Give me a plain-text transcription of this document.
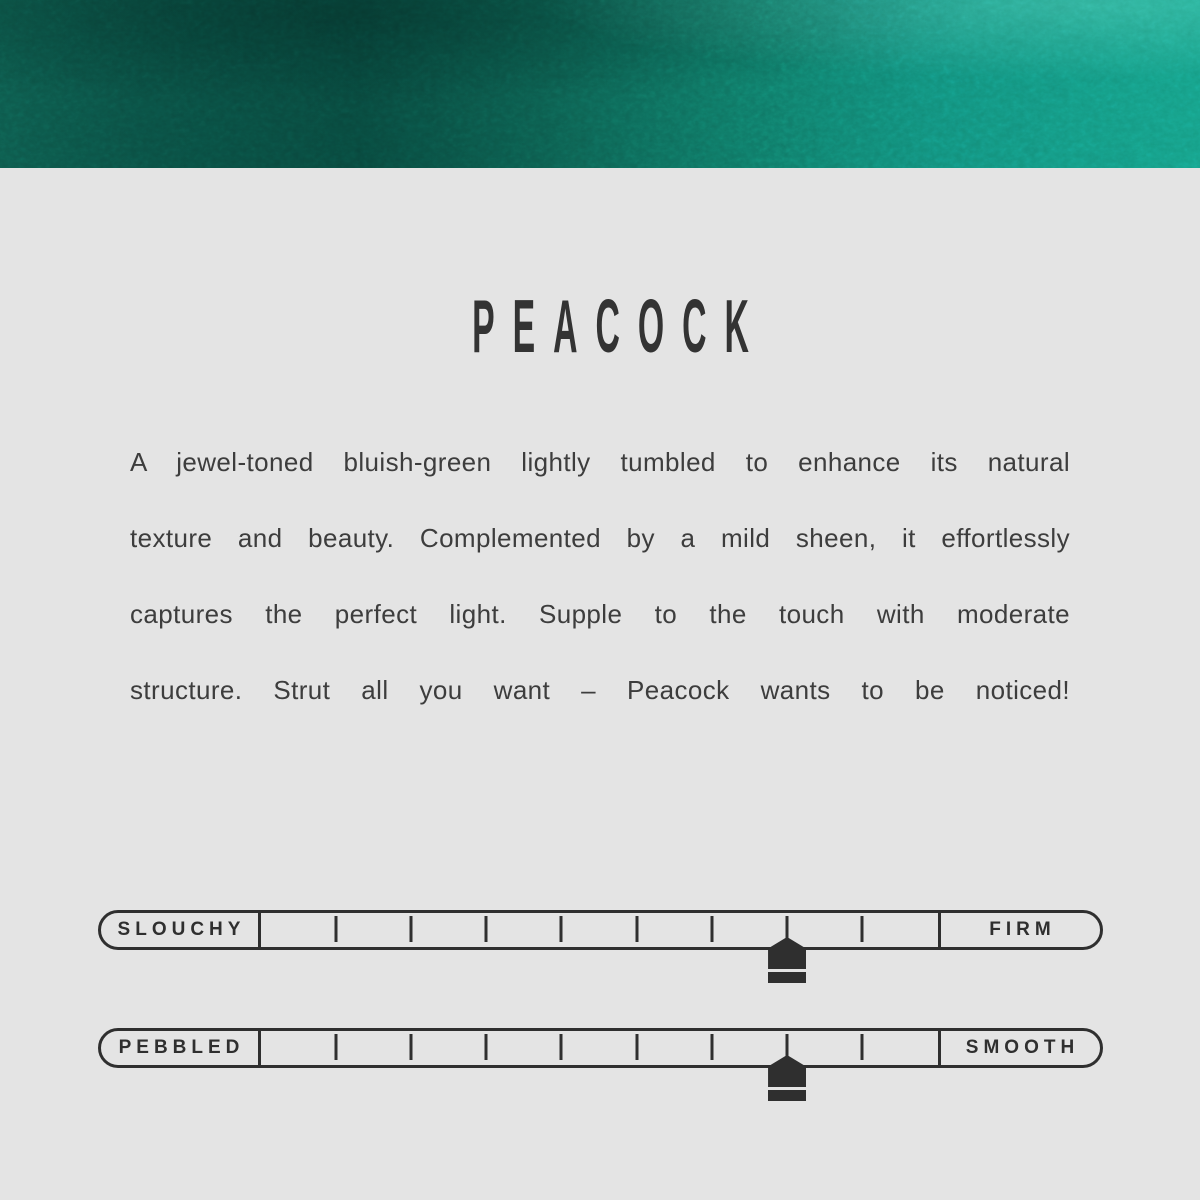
PEACOCK
A jewel-toned bluish-green lightly tumbled to enhance its natural
texture and beauty. Complemented by a mild sheen, it effortlessly
captures the perfect light. Supple to the touch with moderate
structure. Strut all you want – Peacock wants to be noticed!
SLOUCHY	FIRM
PEBBLED	SMOOTH
